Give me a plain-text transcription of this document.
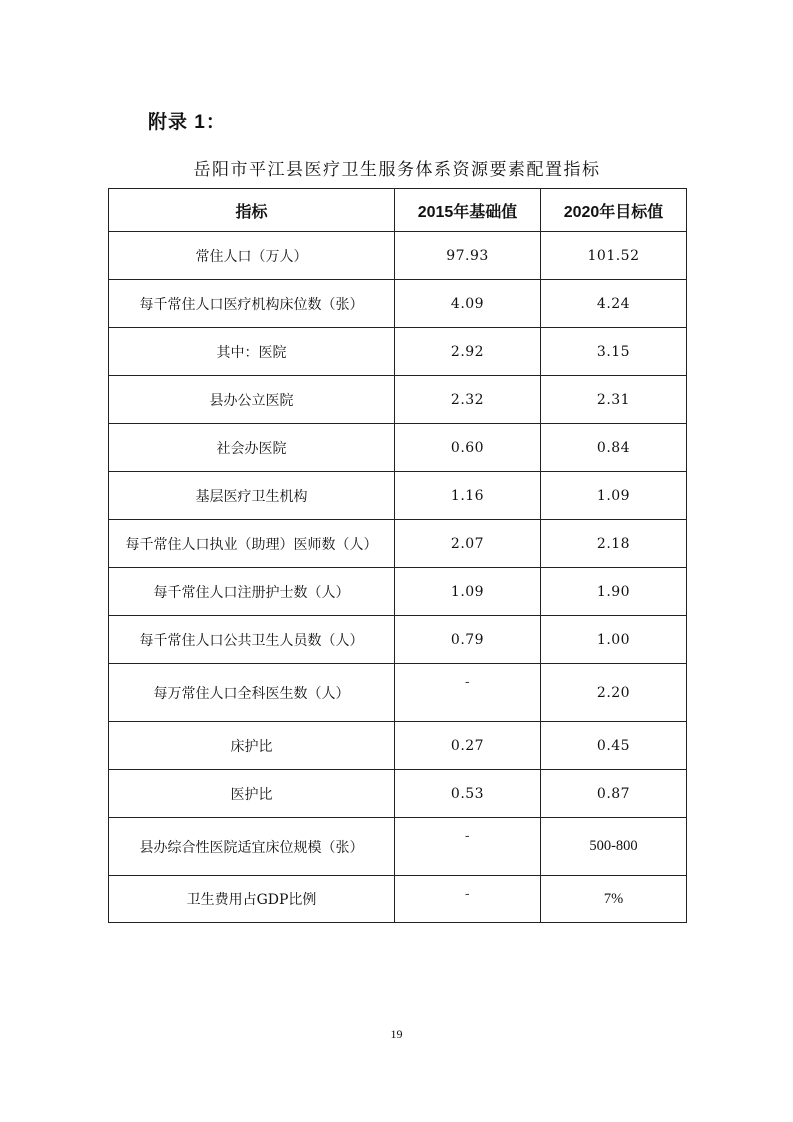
附录 1：
岳阳市平江县医疗卫生服务体系资源要素配置指标
指标	2015年基础值	2020年目标值
常住人口（万人）	97.93	101.52
每千常住人口医疗机构床位数（张）	4.09	4.24
其中：医院	2.92	3.15
县办公立医院	2.32	2.31
社会办医院	0.60	0.84
基层医疗卫生机构	1.16	1.09
每千常住人口执业（助理）医师数（人）	2.07	2.18
每千常住人口注册护士数（人）	1.09	1.90
每千常住人口公共卫生人员数（人）	0.79	1.00
每万常住人口全科医生数（人）	-	2.20
床护比	0.27	0.45
医护比	0.53	0.87
县办综合性医院适宜床位规模（张）	-	500-800
卫生费用占GDP比例	-	7%
19
